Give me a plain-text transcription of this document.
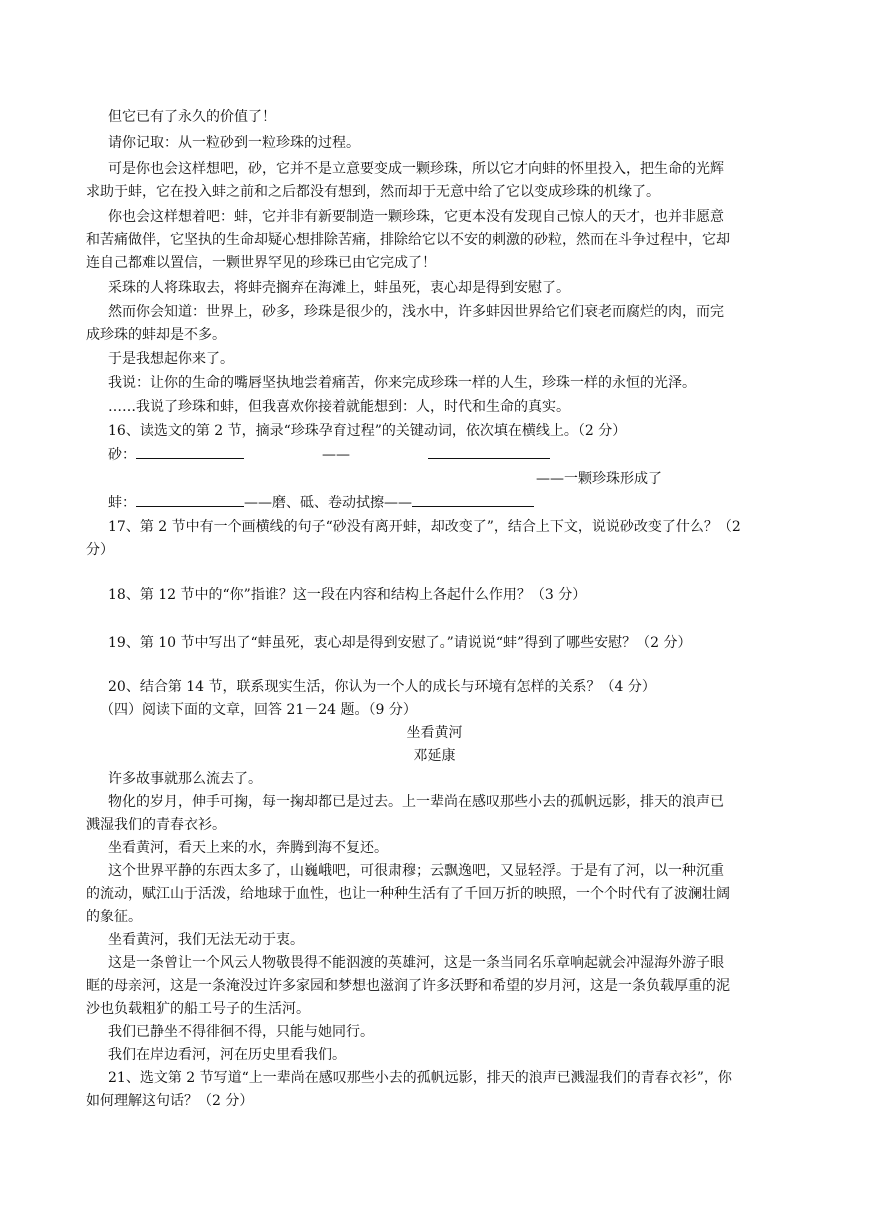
但它已有了永久的价值了！
请你记取：从一粒砂到一粒珍珠的过程。
可是你也会这样想吧，砂，它并不是立意要变成一颗珍珠，所以它才向蚌的怀里投入，把生命的光辉
求助于蚌，它在投入蚌之前和之后都没有想到，然而却于无意中给了它以变成珍珠的机缘了。
你也会这样想着吧：蚌，它并非有新要制造一颗珍珠，它更本没有发现自己惊人的天才，也并非愿意
和苦痛做伴，它坚执的生命却疑心想排除苦痛，排除给它以不安的刺激的砂粒，然而在斗争过程中，它却
连自己都难以置信，一颗世界罕见的珍珠已由它完成了！
采珠的人将珠取去，将蚌壳搁弃在海滩上，蚌虽死，衷心却是得到安慰了。
然而你会知道：世界上，砂多，珍珠是很少的，浅水中，许多蚌因世界给它们衰老而腐烂的肉，而完
成珍珠的蚌却是不多。
于是我想起你来了。
我说：让你的生命的嘴唇坚执地尝着痛苦，你来完成珍珠一样的人生，珍珠一样的永恒的光泽。
……我说了珍珠和蚌，但我喜欢你接着就能想到：人，时代和生命的真实。
16、读选文的第 2 节，摘录“珍珠孕育过程”的关键动词，依次填在横线上。（2 分）
砂：	——
——一颗珍珠形成了
蚌：	——磨、砥、卷动拭擦——
17、第 2 节中有一个画横线的句子“砂没有离开蚌，却改变了”，结合上下文，说说砂改变了什么？（2
分）
18、第 12 节中的“你”指谁？这一段在内容和结构上各起什么作用？（3 分）
19、第 10 节中写出了“蚌虽死，衷心却是得到安慰了。”请说说“蚌”得到了哪些安慰？（2 分）
20、结合第 14 节，联系现实生活，你认为一个人的成长与环境有怎样的关系？（4 分）
（四）阅读下面的文章，回答 21－24 题。（9 分）
坐看黄河
邓延康
许多故事就那么流去了。
物化的岁月，伸手可掬，每一掬却都已是过去。上一辈尚在感叹那些小去的孤帆远影，排天的浪声已
溅湿我们的青春衣衫。
坐看黄河，看天上来的水，奔腾到海不复还。
这个世界平静的东西太多了，山巍峨吧，可很肃穆；云飘逸吧，又显轻浮。于是有了河，以一种沉重
的流动，赋江山于活泼，给地球于血性，也让一种种生活有了千回万折的映照，一个个时代有了波澜壮阔
的象征。
坐看黄河，我们无法无动于衷。
这是一条曾让一个风云人物敬畏得不能泅渡的英雄河，这是一条当同名乐章响起就会冲湿海外游子眼
眶的母亲河，这是一条淹没过许多家园和梦想也滋润了许多沃野和希望的岁月河，这是一条负载厚重的泥
沙也负载粗犷的船工号子的生活河。
我们已静坐不得徘徊不得，只能与她同行。
我们在岸边看河，河在历史里看我们。
21、选文第 2 节写道“上一辈尚在感叹那些小去的孤帆远影，排天的浪声已溅湿我们的青春衣衫”，你
如何理解这句话？（2 分）
